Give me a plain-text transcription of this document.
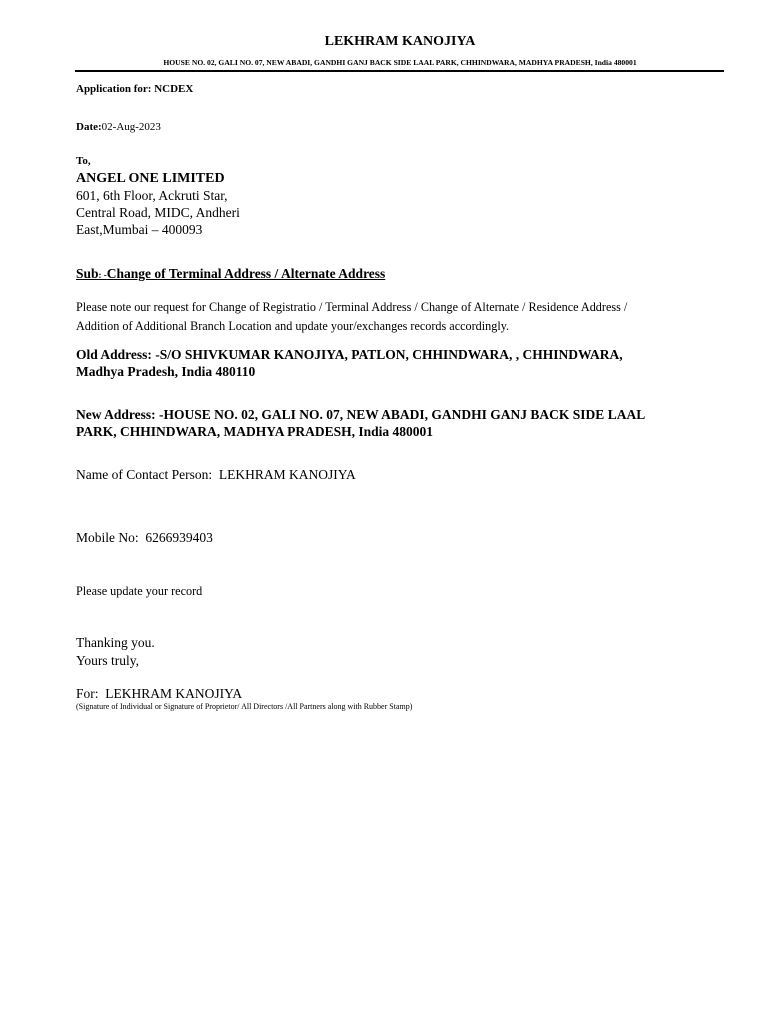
LEKHRAM KANOJIYA
HOUSE NO. 02, GALI NO. 07, NEW ABADI, GANDHI GANJ BACK SIDE LAAL PARK, CHHINDWARA, MADHYA PRADESH, India 480001
Application for: NCDEX
Date:02-Aug-2023
To,
ANGEL ONE LIMITED
601, 6th Floor, Ackruti Star,
Central Road, MIDC, Andheri
East,Mumbai – 400093
Sub: -Change of Terminal Address / Alternate Address
Please note our request for Change of Registratio / Terminal Address / Change of Alternate / Residence Address /
Addition of Additional Branch Location and update your/exchanges records accordingly.
Old Address: -S/O SHIVKUMAR KANOJIYA, PATLON, CHHINDWARA, , CHHINDWARA,
Madhya Pradesh, India 480110
New Address: -HOUSE NO. 02, GALI NO. 07, NEW ABADI, GANDHI GANJ BACK SIDE LAAL
PARK, CHHINDWARA, MADHYA PRADESH, India 480001
Name of Contact Person: LEKHRAM KANOJIYA
Mobile No: 6266939403
Please update your record
Thanking you.
Yours truly,
For: LEKHRAM KANOJIYA
(Signature of Individual or Signature of Proprietor/ All Directors /All Partners along with Rubber Stamp)
